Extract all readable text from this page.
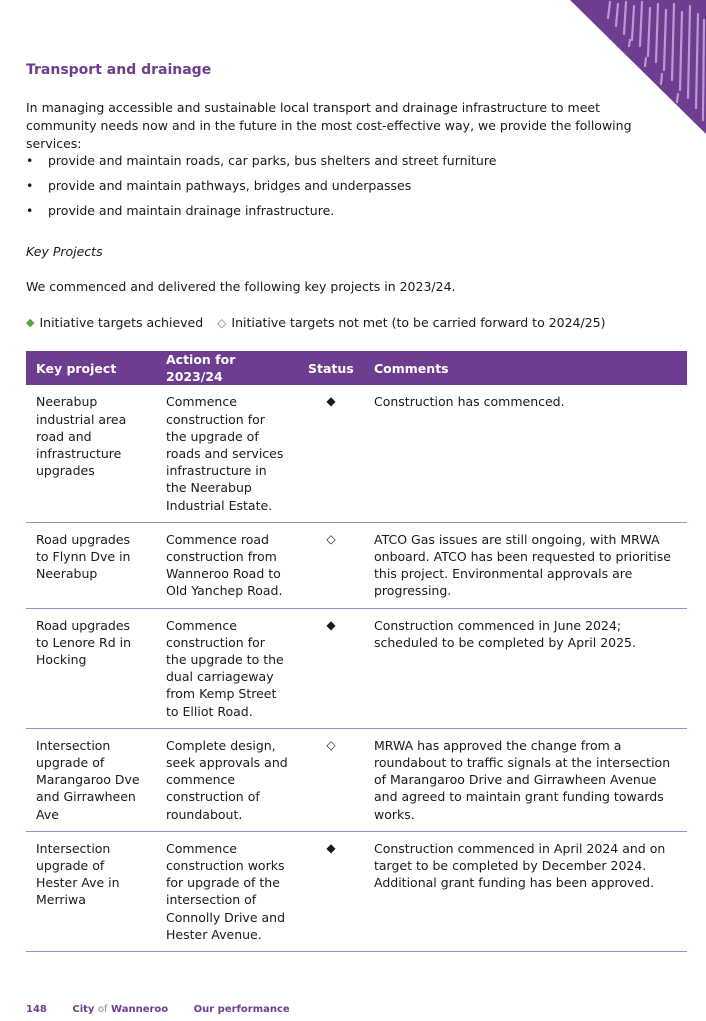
Transport and drainage

In managing accessible and sustainable local transport and drainage infrastructure to meet community needs now and in the future in the most cost-effective way, we provide the following services:

• provide and maintain roads, car parks, bus shelters and street furniture
• provide and maintain pathways, bridges and underpasses
• provide and maintain drainage infrastructure.

Key Projects

We commenced and delivered the following key projects in 2023/24.

◆ Initiative targets achieved ◇ Initiative targets not met (to be carried forward to 2024/25)
Key project	Action for 2023/24	Status	Comments
Neerabup industrial area road and infrastructure upgrades	Commence construction for the upgrade of roads and services infrastructure in the Neerabup Industrial Estate.	◆	Construction has commenced.
Road upgrades to Flynn Dve in Neerabup	Commence road construction from Wanneroo Road to Old Yanchep Road.	◇	ATCO Gas issues are still ongoing, with MRWA onboard. ATCO has been requested to prioritise this project. Environmental approvals are progressing.
Road upgrades to Lenore Rd in Hocking	Commence construction for the upgrade to the dual carriageway from Kemp Street to Elliot Road.	◆	Construction commenced in June 2024; scheduled to be completed by April 2025.
Intersection upgrade of Marangaroo Dve and Girrawheen Ave	Complete design, seek approvals and commence construction of roundabout.	◇	MRWA has approved the change from a roundabout to traffic signals at the intersection of Marangaroo Drive and Girrawheen Avenue and agreed to maintain grant funding towards works.
Intersection upgrade of Hester Ave in Merriwa	Commence construction works for upgrade of the intersection of Connolly Drive and Hester Avenue.	◆	Construction commenced in April 2024 and on target to be completed by December 2024. Additional grant funding has been approved.
148	City of Wanneroo	Our performance
